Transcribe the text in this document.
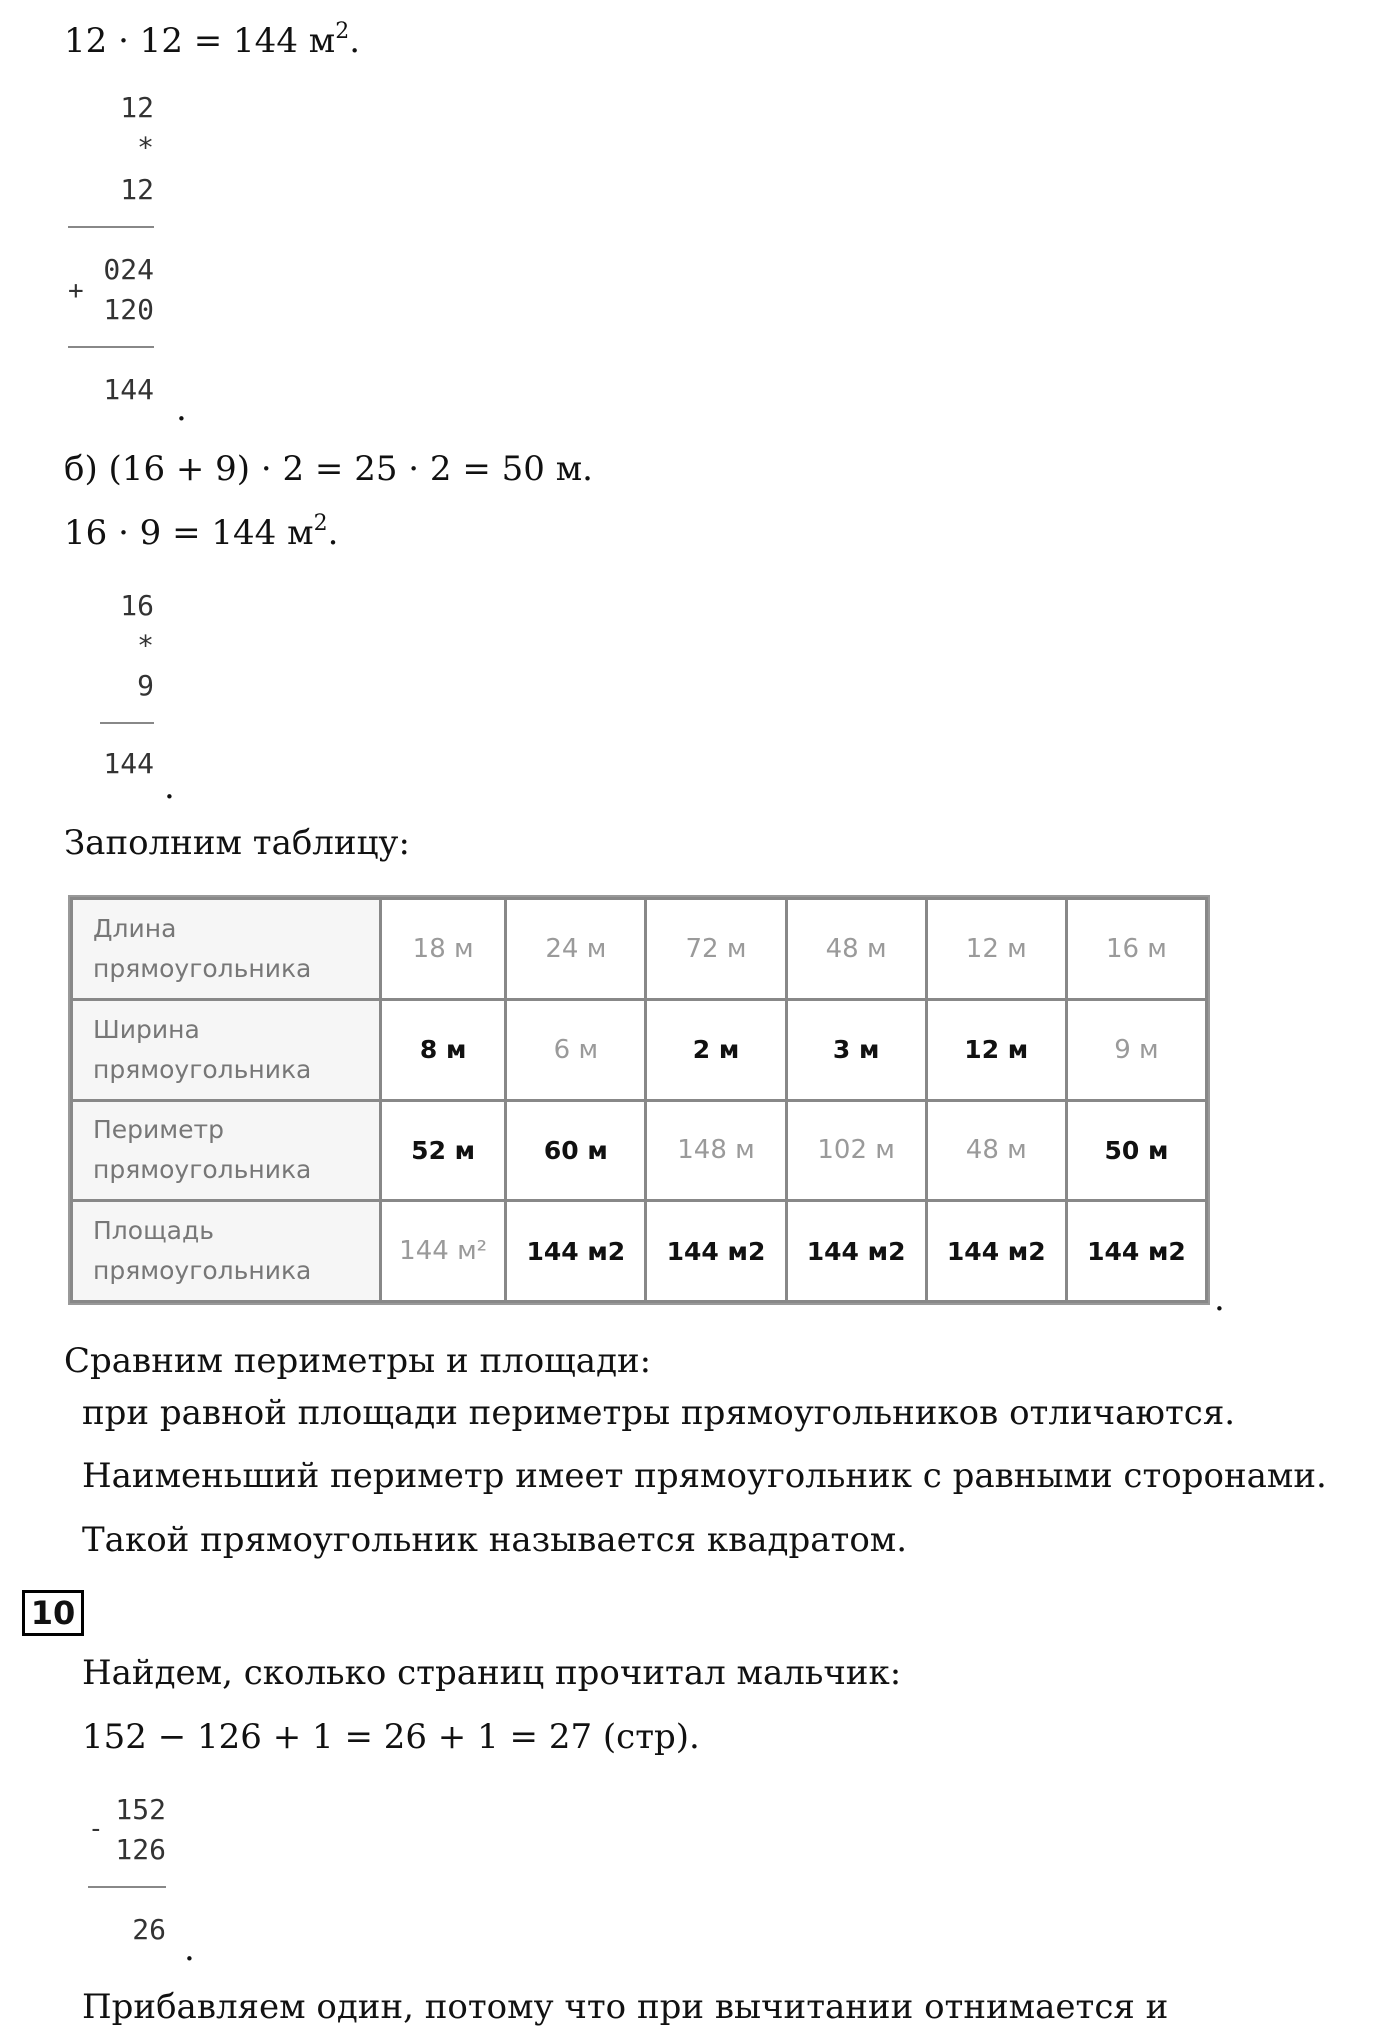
12 · 12 = 144 $м^2$.
12
*
12
+
024
120
144 .
б) (16 + 9) · 2 = 25 · 2 = 50 м.
16 · 9 = 144 $м^2$.
16
*
9
144
.
Заполним таблицу:
Длина прямоугольника	18 м	24 м	72 м	48 м	12 м	16 м
Ширина прямоугольника	8 м	6 м	2 м	3 м	12 м	9 м
Периметр прямоугольника	52 м	60 м	148 м	102 м	48 м	50 м
Площадь прямоугольника	144 м²	144 м2	144 м2	144 м2	144 м2	144 м2
.
Сравним периметры и площади:
при равной площади периметры прямоугольников отличаются.
Наименьший периметр имеет прямоугольник с равными сторонами.
Такой прямоугольник называется квадратом.
10
Найдем, сколько страниц прочитал мальчик:
152 − 126 + 1 = 26 + 1 = 27 (стр).
-
152
126
26 .
Прибавляем один, потому что при вычитании отнимается и
